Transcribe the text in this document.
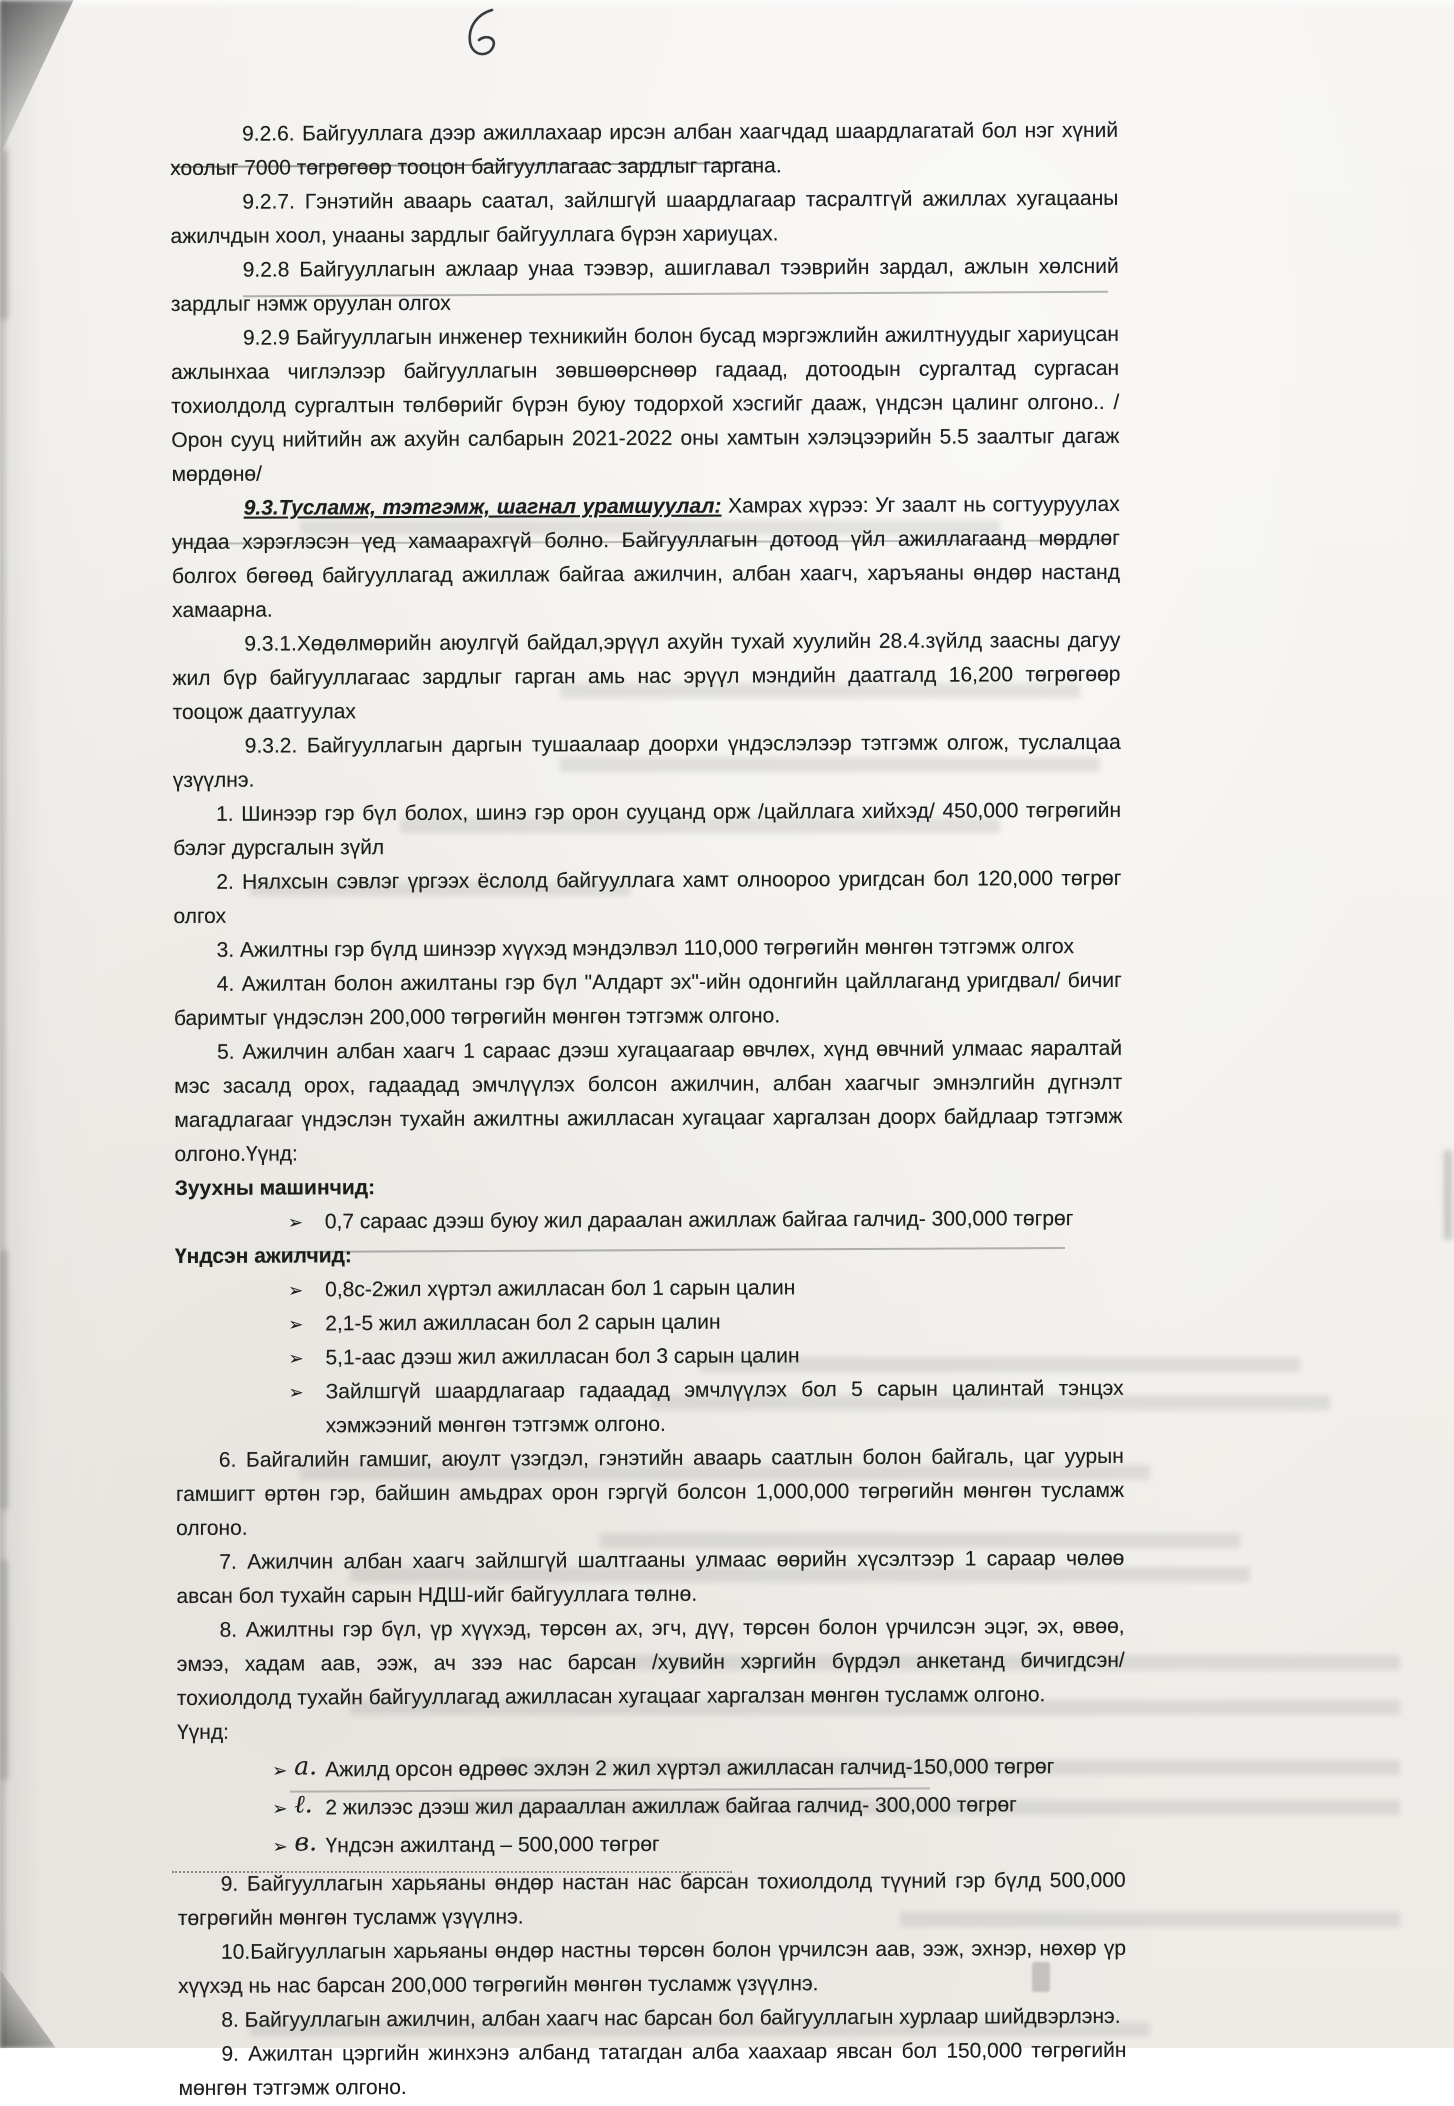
9.2.6. Байгууллага дээр ажиллахаар ирсэн албан хаагчдад шаардлагатай бол нэг хүний хоолыг 7000 төгрөгөөр тооцон байгууллагаас зардлыг гаргана.

9.2.7. Гэнэтийн аваарь саатал, зайлшгүй шаардлагаар тасралтгүй ажиллах хугацааны ажилчдын хоол, унааны зардлыг байгууллага бүрэн хариуцах.

9.2.8 Байгууллагын ажлаар унаа тээвэр, ашиглавал тээврийн зардал, ажлын хөлсний зардлыг нэмж оруулан олгох

9.2.9 Байгууллагын инженер техникийн болон бусад мэргэжлийн ажилтнуудыг хариуцсан ажлынхаа чиглэлээр байгууллагын зөвшөөрснөөр гадаад, дотоодын сургалтад сургасан тохиолдолд сургалтын төлбөрийг бүрэн буюу тодорхой хэсгийг дааж, үндсэн цалинг олгоно.. /Орон сууц нийтийн аж ахуйн салбарын 2021-2022 оны хамтын хэлэцээрийн 5.5 заалтыг дагаж мөрдөнө/

9.3.Тусламж, тэтгэмж, шагнал урамшуулал: Хамрах хүрээ: Уг заалт нь согтууруулах ундаа хэрэглэсэн үед хамаарахгүй болно. Байгууллагын дотоод үйл ажиллагаанд мөрдлөг болгох бөгөөд байгууллагад ажиллаж байгаа ажилчин, албан хаагч, харъяаны өндөр настанд хамаарна.

9.3.1.Хөдөлмөрийн аюулгүй байдал,эрүүл ахуйн тухай хуулийн 28.4.зүйлд заасны дагуу жил бүр байгууллагаас зардлыг гарган амь нас эрүүл мэндийн даатгалд 16,200 төгрөгөөр тооцож даатгуулах

9.3.2. Байгууллагын даргын тушаалаар доорхи үндэслэлээр тэтгэмж олгож, туслалцаа үзүүлнэ.

1. Шинээр гэр бүл болох, шинэ гэр орон сууцанд орж /цайллага хийхэд/ 450,000 төгрөгийн бэлэг дурсгалын зүйл

2. Нялхсын сэвлэг үргээх ёслолд байгууллага хамт олноороо уригдсан бол 120,000 төгрөг олгох

3. Ажилтны гэр бүлд шинээр хүүхэд мэндэлвэл 110,000 төгрөгийн мөнгөн тэтгэмж олгох

4. Ажилтан болон ажилтаны гэр бүл "Алдарт эх"-ийн одонгийн цайллаганд уригдвал/ бичиг баримтыг үндэслэн 200,000 төгрөгийн мөнгөн тэтгэмж олгоно.

5. Ажилчин албан хаагч 1 сараас дээш хугацаагаар өвчлөх, хүнд өвчний улмаас яаралтай мэс засалд орох, гадаадад эмчлүүлэх болсон ажилчин, албан хаагчыг эмнэлгийн дүгнэлт магадлагааг үндэслэн тухайн ажилтны ажилласан хугацааг харгалзан доорх байдлаар тэтгэмж олгоно.Үүнд:

Зуухны машинчид:

➢ 0,7 сараас дээш буюу жил дараалан ажиллаж байгаа галчид- 300,000 төгрөг

Үндсэн ажилчид:

➢ 0,8с-2жил хүртэл ажилласан бол 1 сарын цалин
➢ 2,1-5 жил ажилласан бол 2 сарын цалин
➢ 5,1-аас дээш жил ажилласан бол 3 сарын цалин
➢ Зайлшгүй шаардлагаар гадаадад эмчлүүлэх бол 5 сарын цалинтай тэнцэх хэмжээний мөнгөн тэтгэмж олгоно.

6. Байгалийн гамшиг, аюулт үзэгдэл, гэнэтийн аваарь саатлын болон байгаль, цаг уурын гамшигт өртөн гэр, байшин амьдрах орон гэргүй болсон 1,000,000 төгрөгийн мөнгөн тусламж олгоно.

7. Ажилчин албан хаагч зайлшгүй шалтгааны улмаас өөрийн хүсэлтээр 1 сараар чөлөө авсан бол тухайн сарын НДШ-ийг байгууллага төлнө.

8. Ажилтны гэр бүл, үр хүүхэд, төрсөн ах, эгч, дүү, төрсөн болон үрчилсэн эцэг, эх, өвөө, эмээ, хадам аав, ээж, ач зээ нас барсан /хувийн хэргийн бүрдэл анкетанд бичигдсэн/ тохиолдолд тухайн байгууллагад ажилласан хугацааг харгалзан мөнгөн тусламж олгоно.

Үүнд:

➢ a. Ажилд орсон өдрөөс эхлэн 2 жил хүртэл ажилласан галчид-150,000 төгрөг
➢ ℓ. 2 жилээс дээш жил дарааллан ажиллаж байгаа галчид- 300,000 төгрөг
➢ в. Үндсэн ажилтанд – 500,000 төгрөг

9. Байгууллагын харьяаны өндөр настан нас барсан тохиолдолд түүний гэр бүлд 500,000 төгрөгийн мөнгөн тусламж үзүүлнэ.

10.Байгууллагын харьяаны өндөр настны төрсөн болон үрчилсэн аав, ээж, эхнэр, нөхөр үр хүүхэд нь нас барсан 200,000 төгрөгийн мөнгөн тусламж үзүүлнэ.

8. Байгууллагын ажилчин, албан хаагч нас барсан бол байгууллагын хурлаар шийдвэрлэнэ.

9. Ажилтан цэргийн жинхэнэ албанд татагдан алба хаахаар явсан бол 150,000 төгрөгийн мөнгөн тэтгэмж олгоно.
